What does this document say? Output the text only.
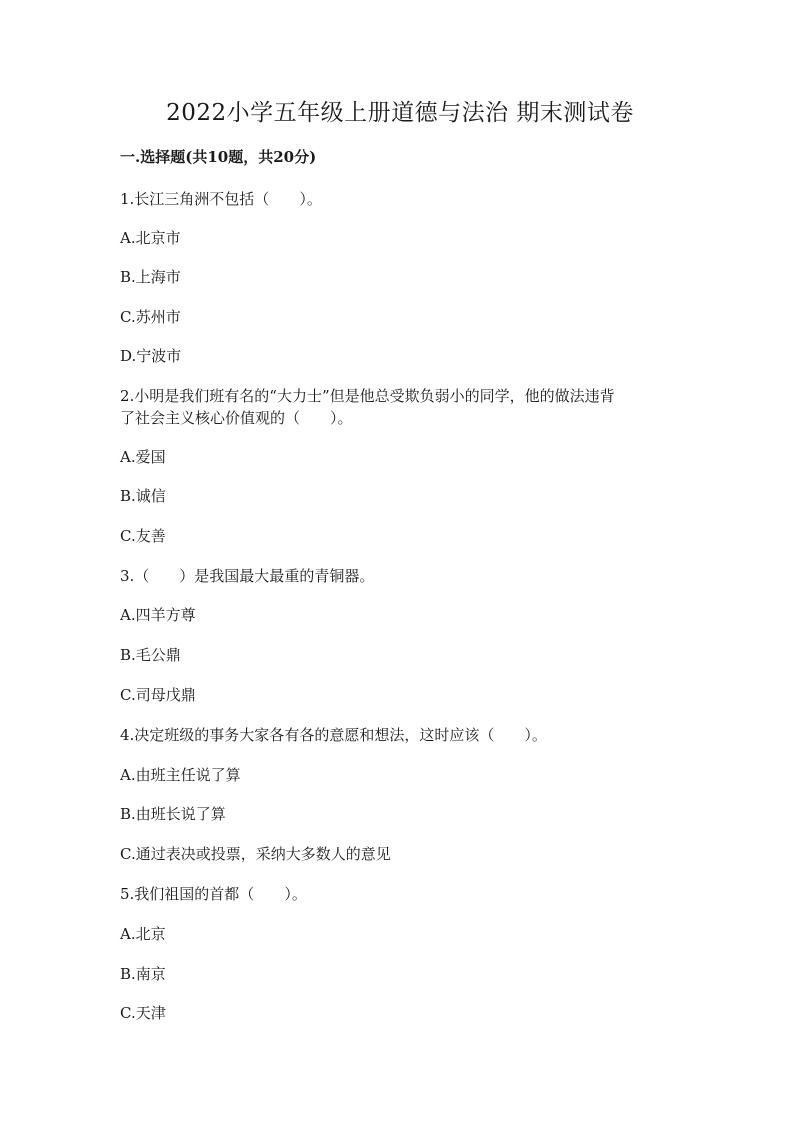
2022小学五年级上册道德与法治 期末测试卷
一.选择题(共10题，共20分)
1.长江三角洲不包括（　　）。
A.北京市
B.上海市
C.苏州市
D.宁波市
2.小明是我们班有名的“大力士”但是他总受欺负弱小的同学，他的做法违背
了社会主义核心价值观的（　　）。
A.爱国
B.诚信
C.友善
3.（　　）是我国最大最重的青铜器。
A.四羊方尊
B.毛公鼎
C.司母戊鼎
4.决定班级的事务大家各有各的意愿和想法，这时应该（　　）。
A.由班主任说了算
B.由班长说了算
C.通过表决或投票，采纳大多数人的意见
5.我们祖国的首都（　　）。
A.北京
B.南京
C.天津
